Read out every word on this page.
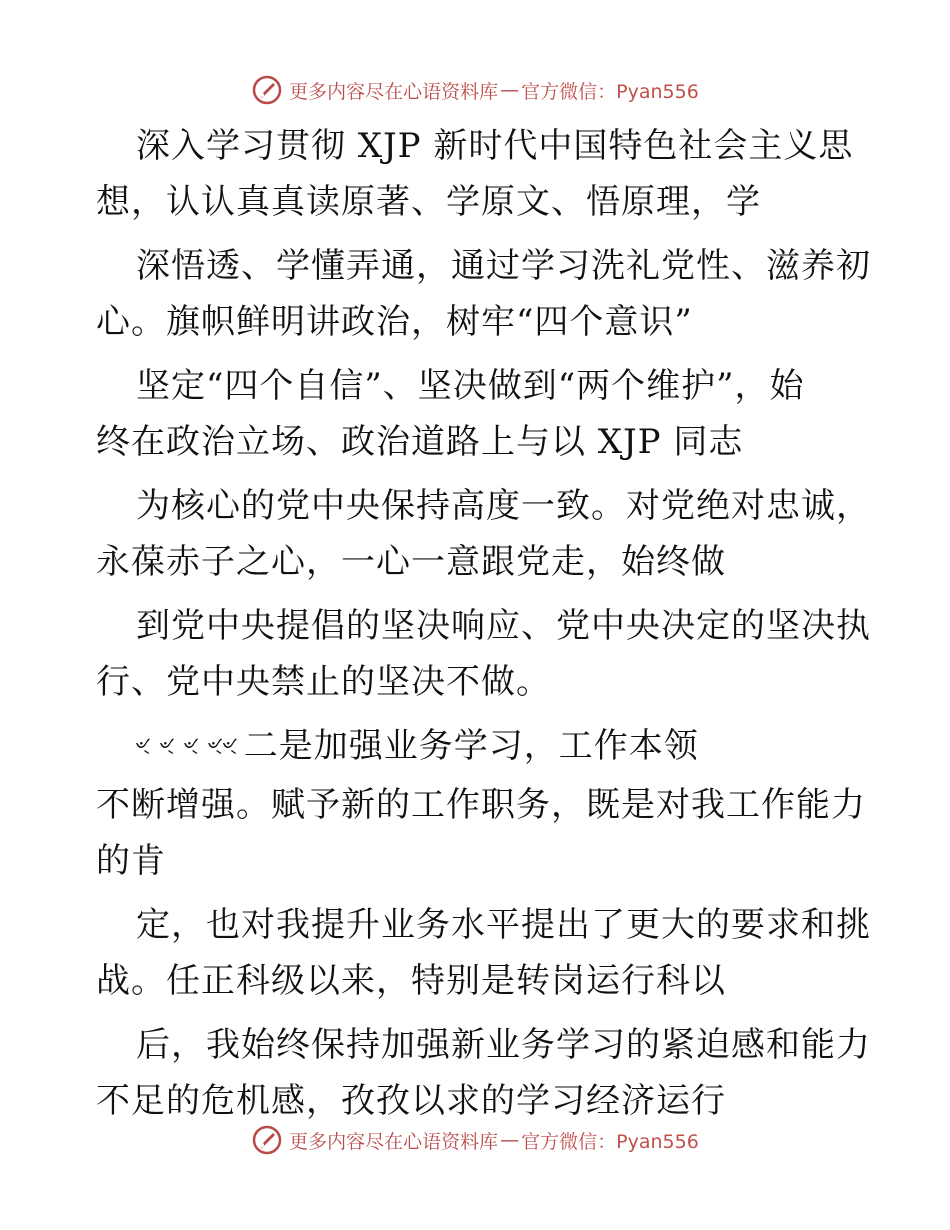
更多内容尽在心语资料库 — 官方微信：Pyan556

深入学习贯彻 XJP 新时代中国特色社会主义思
想，认认真真读原著、学原文、悟原理，学

深悟透、学懂弄通，通过学习洗礼党性、滋养初
心。旗帜鲜明讲政治，树牢“四个意识”

坚定“四个自信”、坚决做到“两个维护”，始
终在政治立场、政治道路上与以 XJP 同志

为核心的党中央保持高度一致。对党绝对忠诚，
永葆赤子之心，一心一意跟党走，始终做

到党中央提倡的坚决响应、党中央决定的坚决执
行、党中央禁止的坚决不做。

ৼ ৼ ৼ ৼৼ 二是加强业务学习，工作本领
不断增强。赋予新的工作职务，既是对我工作能力
的肯

定，也对我提升业务水平提出了更大的要求和挑
战。任正科级以来，特别是转岗运行科以

后，我始终保持加强新业务学习的紧迫感和能力
不足的危机感，孜孜以求的学习经济运行

更多内容尽在心语资料库 — 官方微信：Pyan556
